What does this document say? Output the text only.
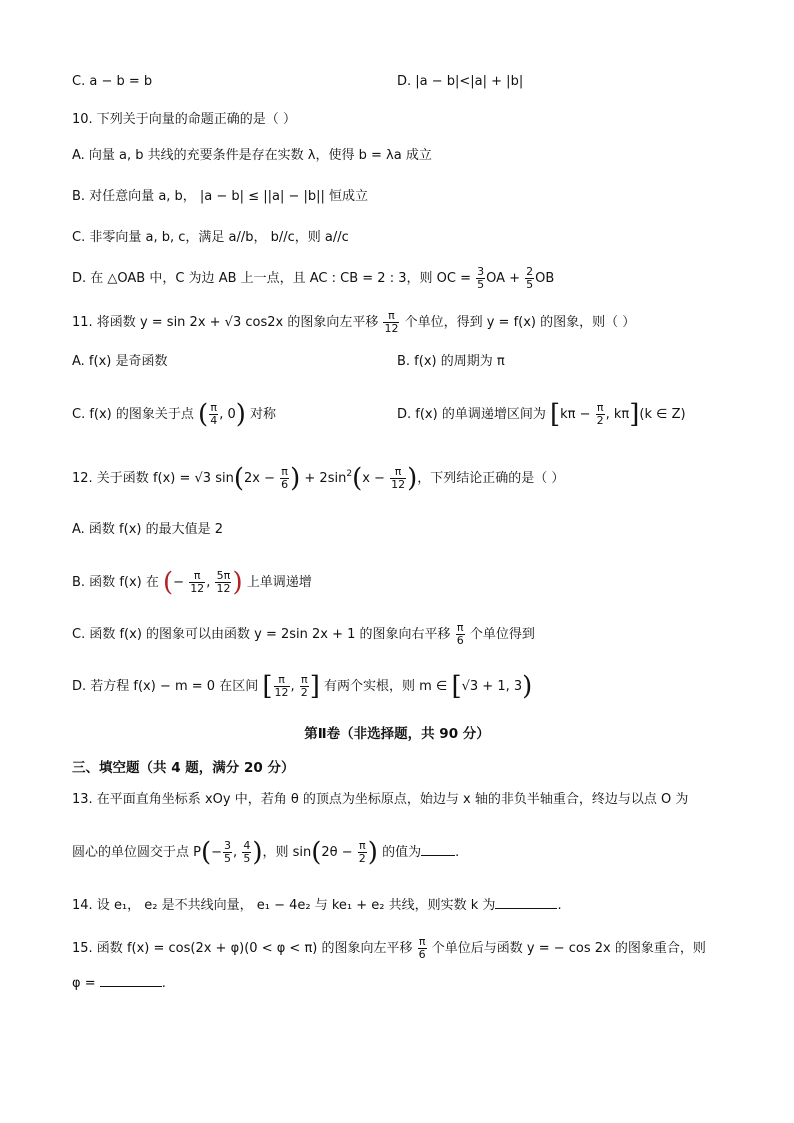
C. a − b = b	D. |a − b|<|a| + |b|
10. 下列关于向量的命题正确的是（ ）
A. 向量 a, b 共线的充要条件是存在实数 λ，使得 b = λa 成立
B. 对任意向量 a, b， |a − b| ≤ ||a| − |b|| 恒成立
C. 非零向量 a, b, c，满足 a//b， b//c，则 a//c
D. 在 △OAB 中，C 为边 AB 上一点，且 AC : CB = 2 : 3，则 OC = $\frac{3}{5}$ OA + $\frac{2}{5}$ OB
11. 将函数 y = sin 2x + √3 cos2x 的图象向左平移 $\frac{\pi}{12}$ 个单位，得到 y = f(x) 的图象，则（ ）
A. f(x) 是奇函数	B. f(x) 的周期为 π
C. f(x) 的图象关于点 ( $\frac{\pi}{4}$ , 0) 对称	D. f(x) 的单调递增区间为 [$k\pi - \frac{\pi}{2}$ , kπ](k ∈ Z)
12. 关于函数 f(x) = √3 $\sin(2x - \frac{\pi}{6}$ ) + $2\sin^2(x - \frac{\pi}{12}$ )，下列结论正确的是（ ）
A. 函数 f(x) 的最大值是 2
B. 函数 f(x) 在 (− $\frac{\pi}{12}$ , $\frac{5\pi}{12}$ ) 上单调递增
C. 函数 f(x) 的图象可以由函数 y = 2sin 2x + 1 的图象向右平移 $\frac{\pi}{6}$ 个单位得到
D. 若方程 f(x) − m = 0 在区间 [ $\frac{\pi}{12}$ , $\frac{\pi}{2}$ ] 有两个实根，则 m ∈ [√3 + 1, 3)
第Ⅱ卷（非选择题，共 90 分）
三、填空题（共 4 题，满分 20 分）
13. 在平面直角坐标系 xOy 中，若角 θ 的顶点为坐标原点，始边与 x 轴的非负半轴重合，终边与以点 O 为
圆心的单位圆交于点 $P(- \frac{3}{5}$ , $\frac{4}{5}$ )，则 $\sin(2\theta - \frac{\pi}{2}$ ) 的值为	.
14. 设 e₁， e₂ 是不共线向量， e₁ − 4e₂ 与 ke₁ + e₂ 共线，则实数 k 为	.
15. 函数 f(x) = cos(2x + φ)(0 < φ < π) 的图象向左平移 $\frac{\pi}{6}$ 个单位后与函数 y = − cos 2x 的图象重合，则
φ =	.
